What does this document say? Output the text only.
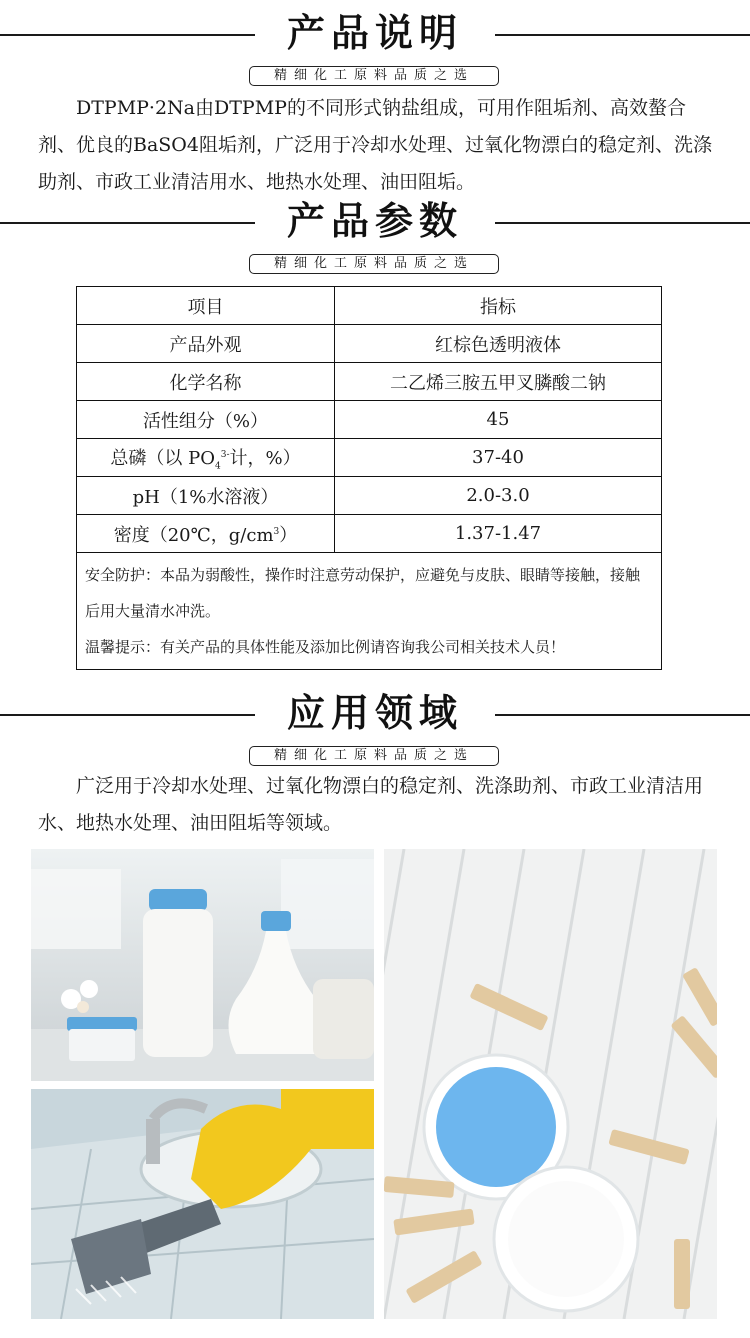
产品说明
精细化工原料品质之选
DTPMP·2Na由DTPMP的不同形式钠盐组成，可用作阻垢剂、高效螯合剂、优良的BaSO4阻垢剂，广泛用于冷却水处理、过氧化物漂白的稳定剂、洗涤助剂、市政工业清洁用水、地热水处理、油田阻垢。
产品参数
精细化工原料品质之选
项目	指标
产品外观	红棕色透明液体
化学名称	二乙烯三胺五甲叉膦酸二钠
活性组分（%）	45
总磷（以 $PO_4^{3-}$计，%）	37-40
pH（1%水溶液）	2.0-3.0
密度（20℃，$g/cm^3$）	1.37-1.47

安全防护：本品为弱酸性，操作时注意劳动保护，应避免与皮肤、眼睛等接触，接触后用大量清水冲洗。
温馨提示：有关产品的具体性能及添加比例请咨询我公司相关技术人员！	
应用领域
精细化工原料品质之选
广泛用于冷却水处理、过氧化物漂白的稳定剂、洗涤助剂、市政工业清洁用水、地热水处理、油田阻垢等领域。
